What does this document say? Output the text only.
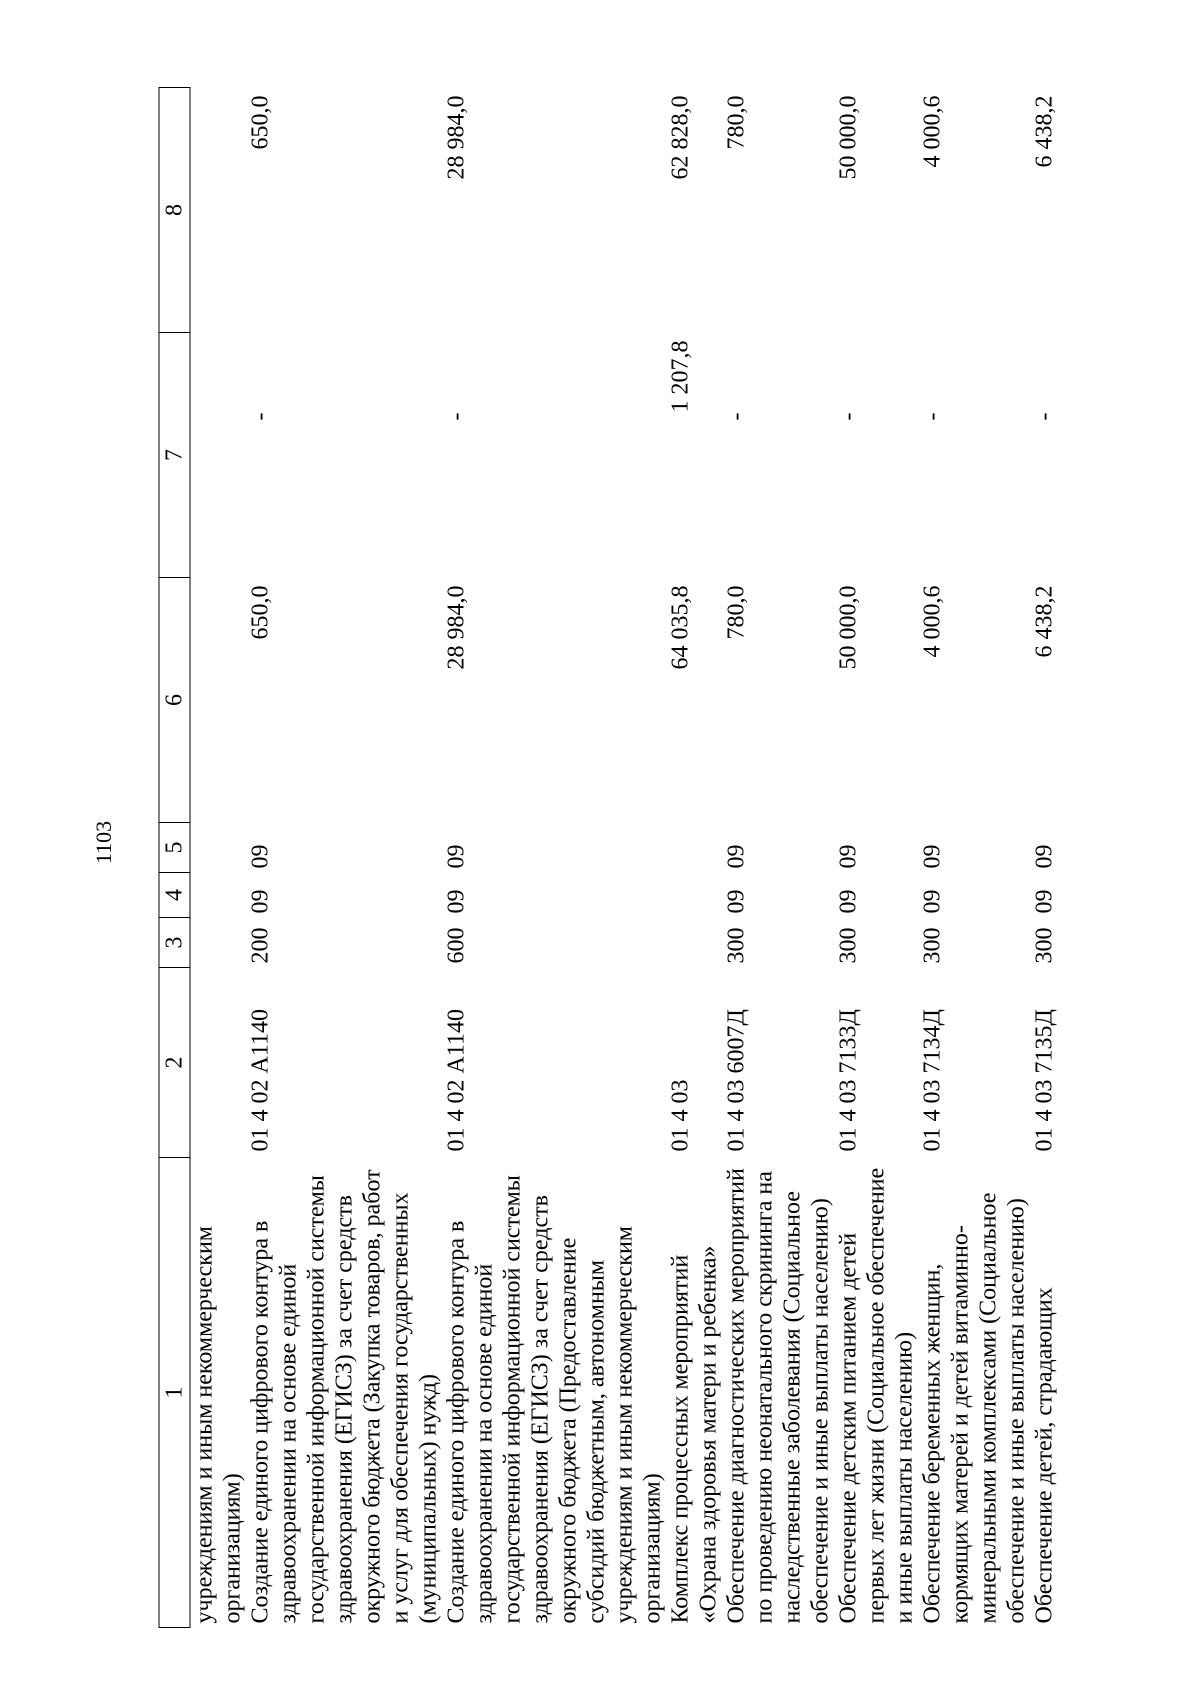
1103
1	2	3	4	5	6	7	8
учреждениям и иным некоммерческим организациям)							
Создание единого цифрового контура в здравоохранении на основе единой государственной информационной системы здравоохранения (ЕГИСЗ) за счет средств окружного бюджета (Закупка товаров, работ и услуг для обеспечения государственных (муниципальных) нужд)	01 4 02 А1140	200	09	09	650,0	-	650,0
Создание единого цифрового контура в здравоохранении на основе единой государственной информационной системы здравоохранения (ЕГИСЗ) за счет средств окружного бюджета (Предоставление субсидий бюджетным, автономным учреждениям и иным некоммерческим организациям)	01 4 02 А1140	600	09	09	28 984,0	-	28 984,0
Комплекс процессных мероприятий «Охрана здоровья матери и ребенка»	01 4 03				64 035,8	1 207,8	62 828,0
Обеспечение диагностических мероприятий по проведению неонатального скрининга на наследственные заболевания (Социальное обеспечение и иные выплаты населению)	01 4 03 6007Д	300	09	09	780,0	-	780,0
Обеспечение детским питанием детей первых лет жизни (Социальное обеспечение и иные выплаты населению)	01 4 03 7133Д	300	09	09	50 000,0	-	50 000,0
Обеспечение беременных женщин, кормящих матерей и детей витаминно-минеральными комплексами (Социальное обеспечение и иные выплаты населению)	01 4 03 7134Д	300	09	09	4 000,6	-	4 000,6
Обеспечение детей, страдающих	01 4 03 7135Д	300	09	09	6 438,2	-	6 438,2
